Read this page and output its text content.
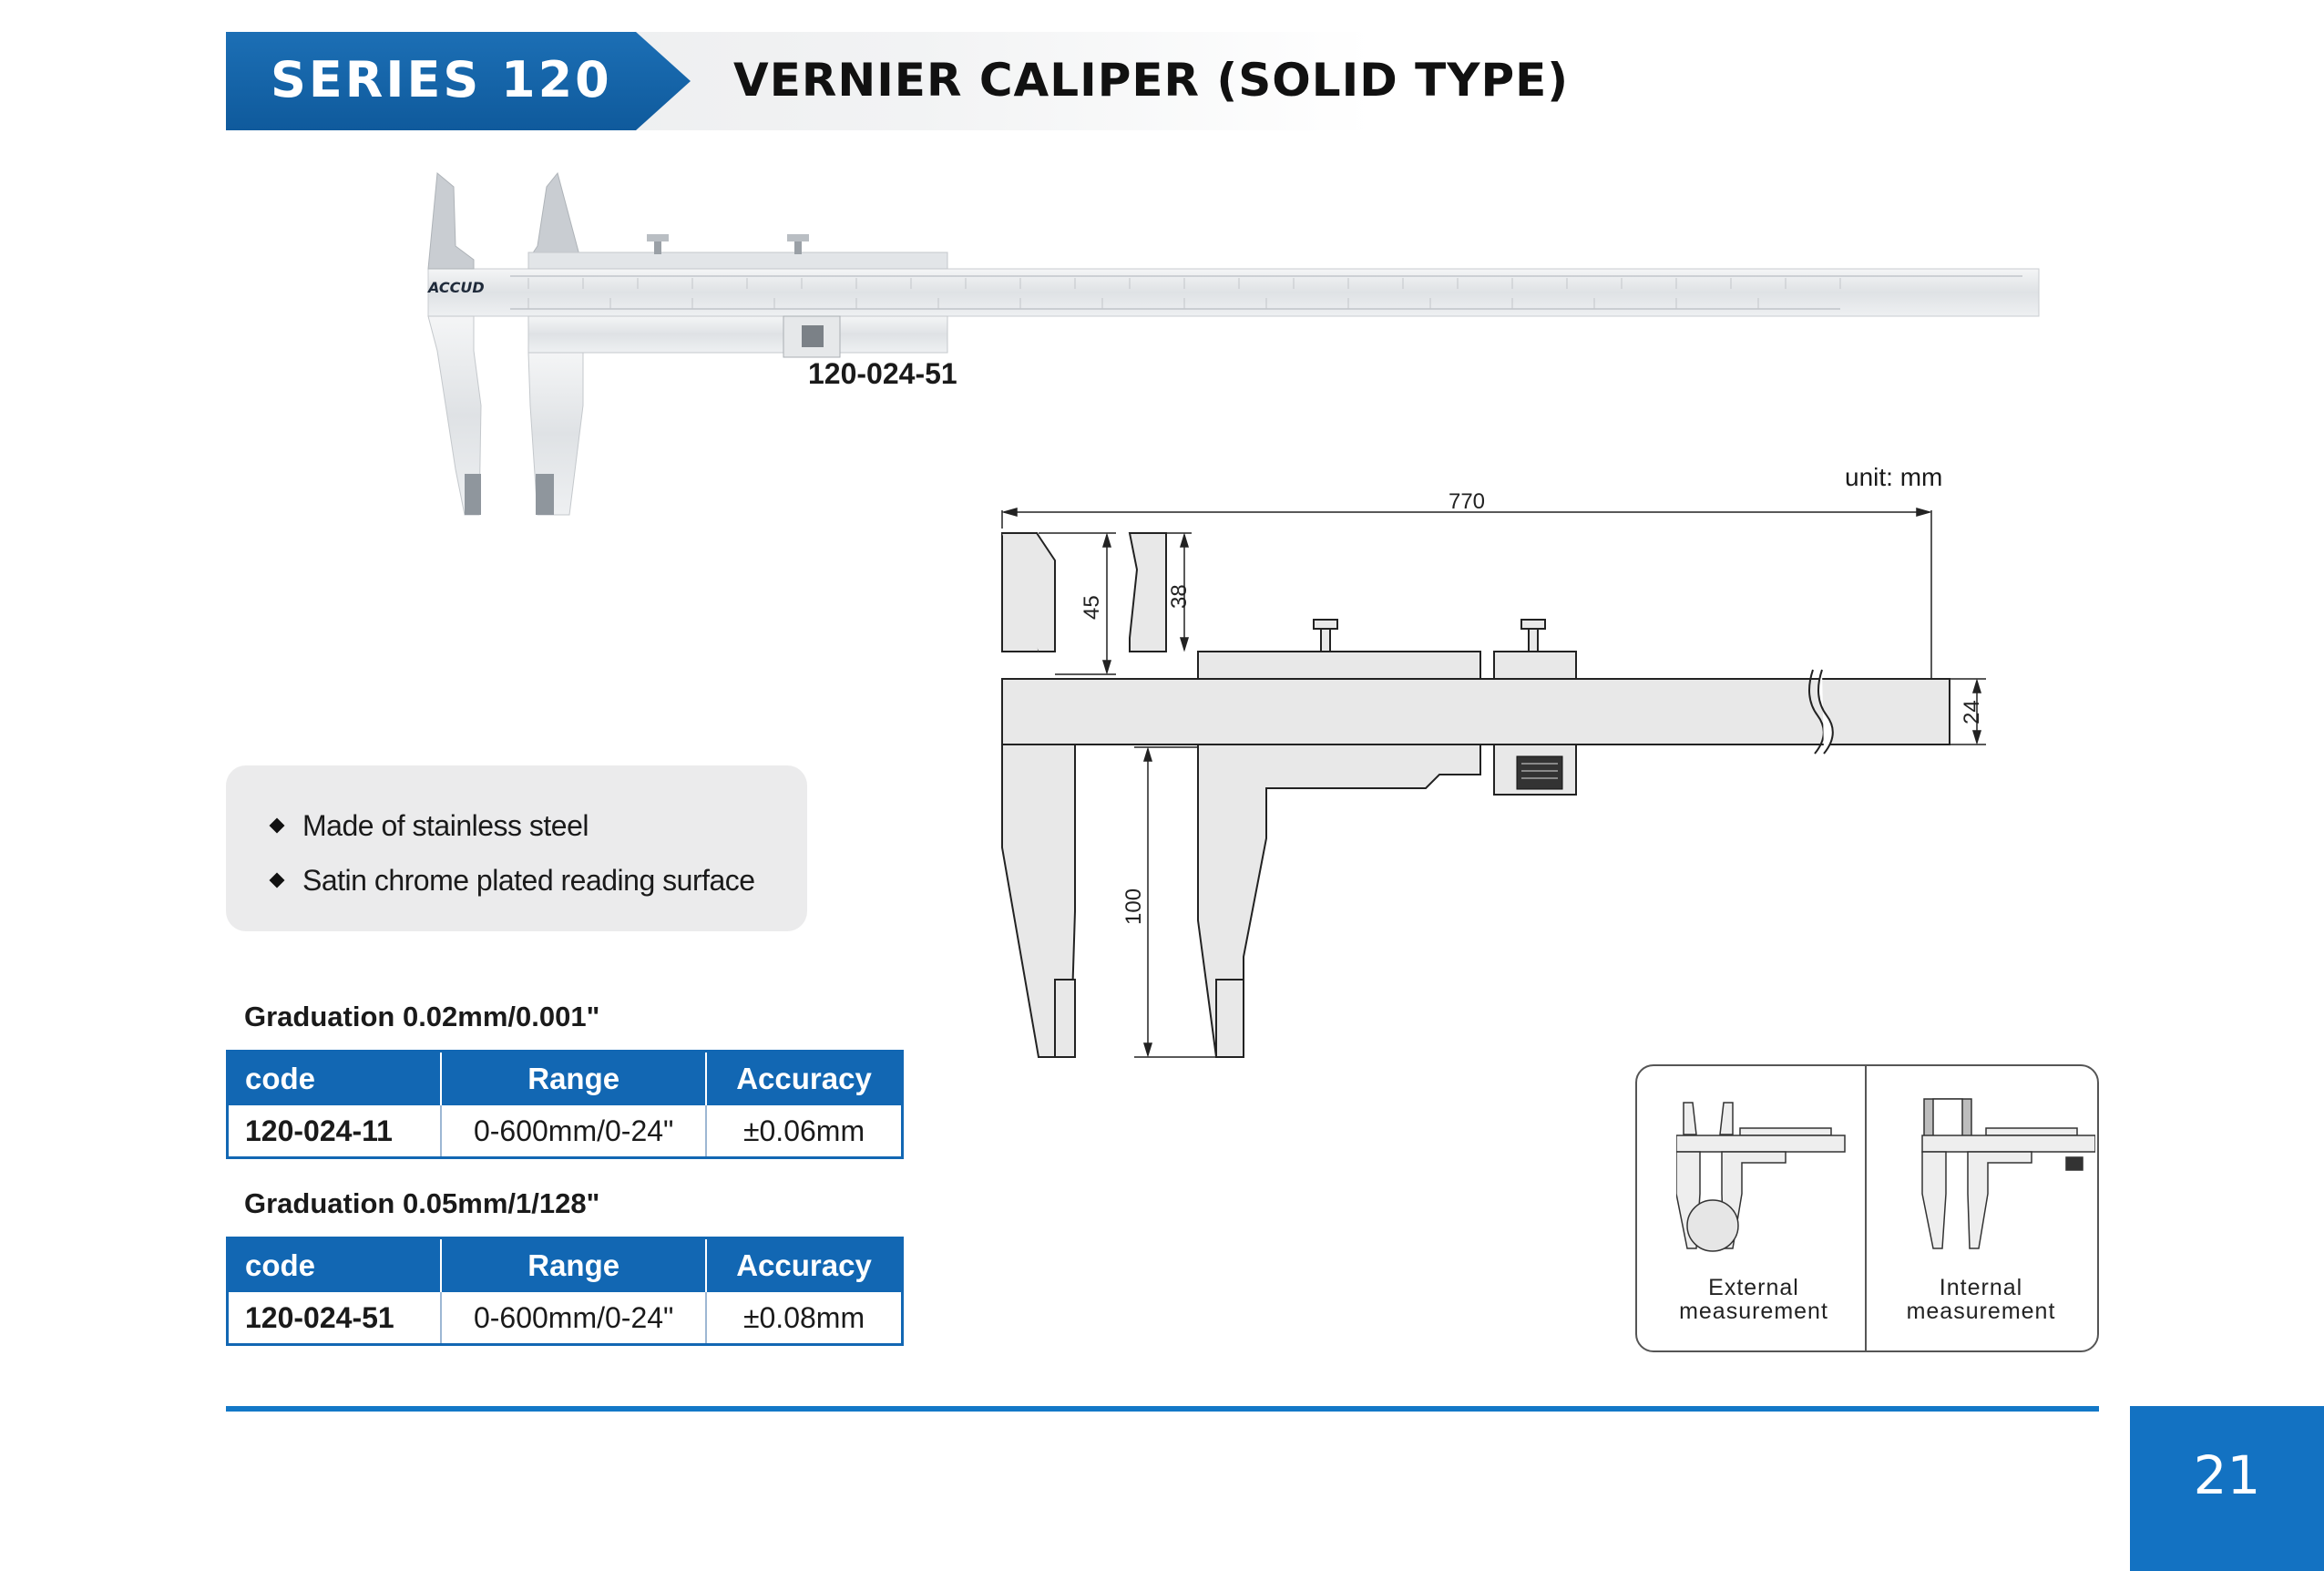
SERIES 120	VERNIER CALIPER (SOLID TYPE)
ACCUD
120-024-51
unit: mm
770
45	38
24
100
Made of stainless steel
Satin chrome plated reading surface
Graduation 0.02mm/0.001"
code	Range	Accuracy
120-024-11	0-600mm/0-24"	±0.06mm
Graduation 0.05mm/1/128"
code	Range	Accuracy
120-024-51	0-600mm/0-24"	±0.08mm
External
measurement
Internal
measurement
21
